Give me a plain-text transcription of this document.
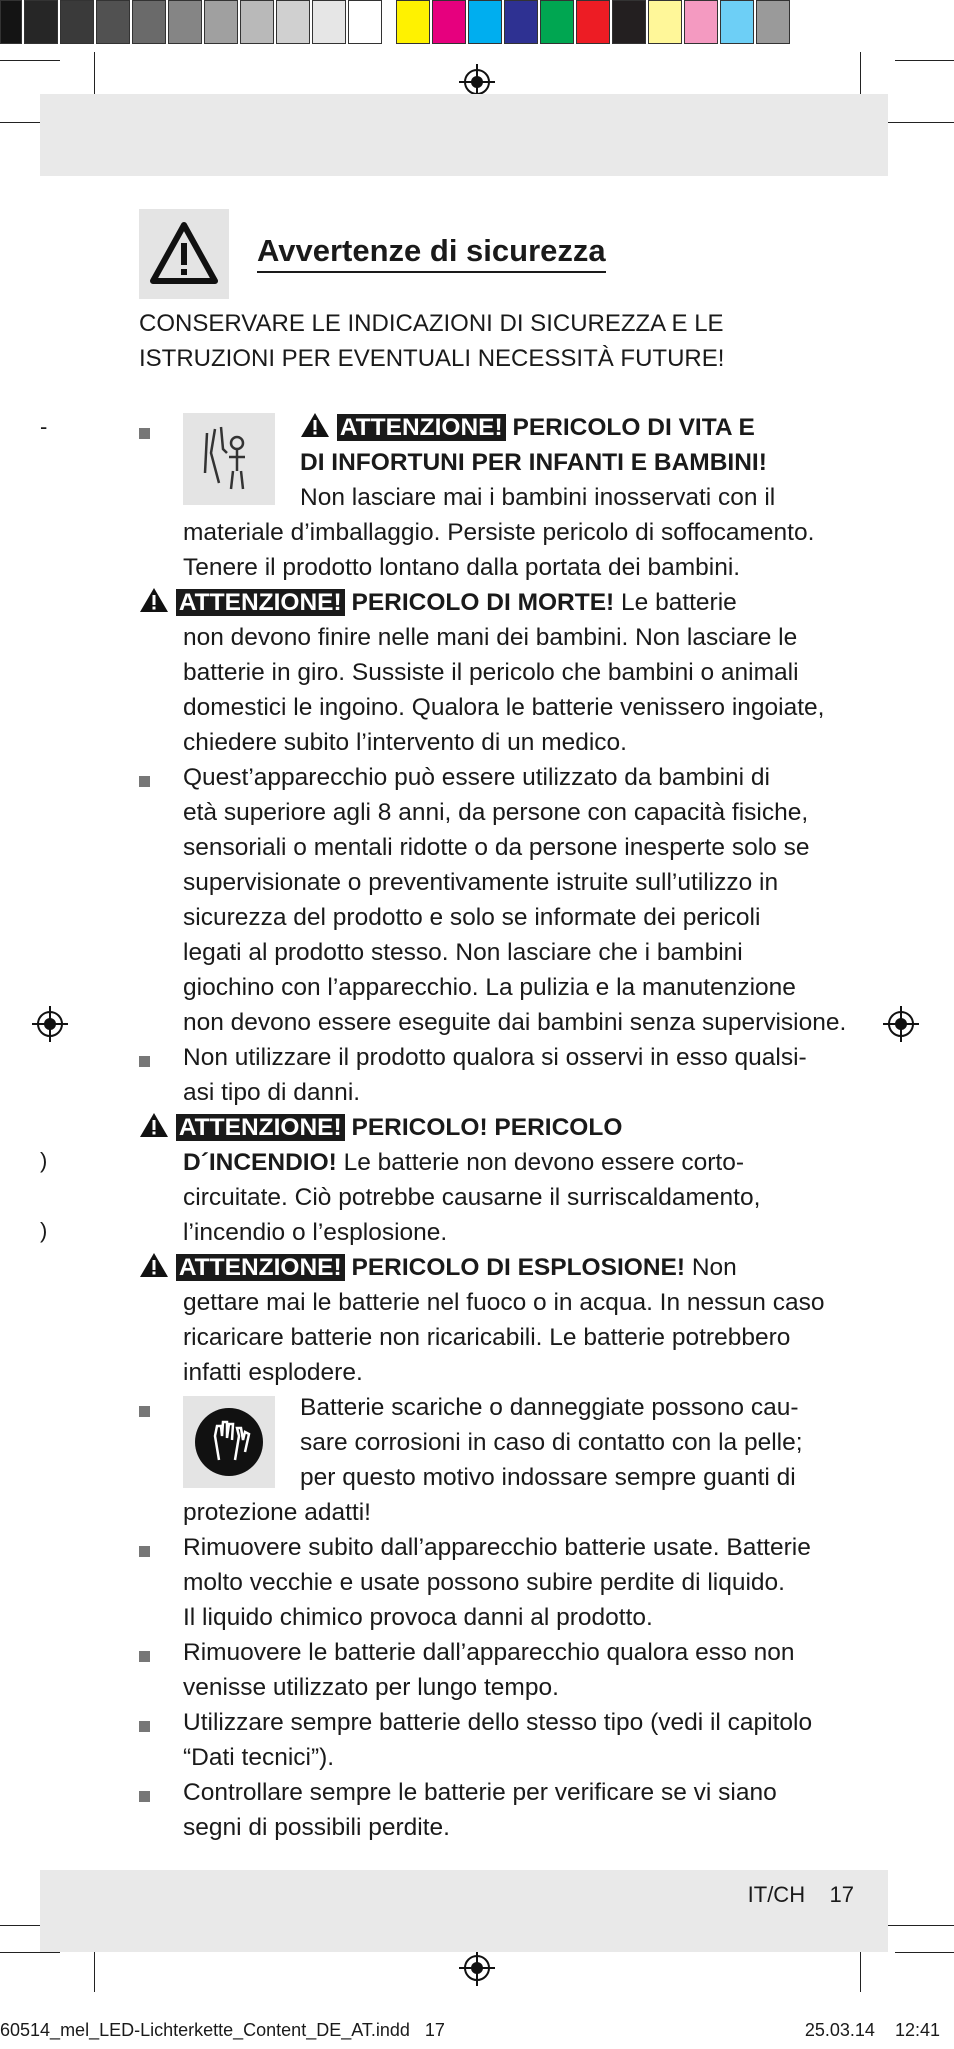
Avvertenze di sicurezza
CONSERVARE LE INDICAZIONI DI SICUREZZA E LE ISTRUZIONI PER EVENTUALI NECESSITÀ FUTURE!
-
)
)
ATTENZIONE! PERICOLO DI VITA E
DI INFORTUNI PER INFANTI E BAMBINI!
Non lasciare mai i bambini inosservati con il
materiale d’imballaggio. Persiste pericolo di soffocamento.
Tenere il prodotto lontano dalla portata dei bambini.
ATTENZIONE! PERICOLO DI MORTE! Le batterie
non devono finire nelle mani dei bambini. Non lasciare le
batterie in giro. Sussiste il pericolo che bambini o animali
domestici le ingoino. Qualora le batterie venissero ingoiate,
chiedere subito l’intervento di un medico.
Quest’apparecchio può essere utilizzato da bambini di
età superiore agli 8 anni, da persone con capacità fisiche,
sensoriali o mentali ridotte o da persone inesperte solo se
supervisionate o preventivamente istruite sull’utilizzo in
sicurezza del prodotto e solo se informate dei pericoli
legati al prodotto stesso. Non lasciare che i bambini
giochino con l’apparecchio. La pulizia e la manutenzione
non devono essere eseguite dai bambini senza supervisione.
Non utilizzare il prodotto qualora si osservi in esso qualsi-
asi tipo di danni.
ATTENZIONE! PERICOLO! PERICOLO
D´INCENDIO! Le batterie non devono essere corto-
circuitate. Ciò potrebbe causarne il surriscaldamento,
l’incendio o l’esplosione.
ATTENZIONE! PERICOLO DI ESPLOSIONE! Non
gettare mai le batterie nel fuoco o in acqua. In nessun caso
ricaricare batterie non ricaricabili. Le batterie potrebbero
infatti esplodere.
Batterie scariche o danneggiate possono cau-
sare corrosioni in caso di contatto con la pelle;
per questo motivo indossare sempre guanti di
protezione adatti!
Rimuovere subito dall’apparecchio batterie usate. Batterie
molto vecchie e usate possono subire perdite di liquido.
Il liquido chimico provoca danni al prodotto.
Rimuovere le batterie dall’apparecchio qualora esso non
venisse utilizzato per lungo tempo.
Utilizzare sempre batterie dello stesso tipo (vedi il capitolo
“Dati tecnici”).
Controllare sempre le batterie per verificare se vi siano
segni di possibili perdite.
IT/CH    17
60514_mel_LED-Lichterkette_Content_DE_AT.indd   17	25.03.14    12:41
